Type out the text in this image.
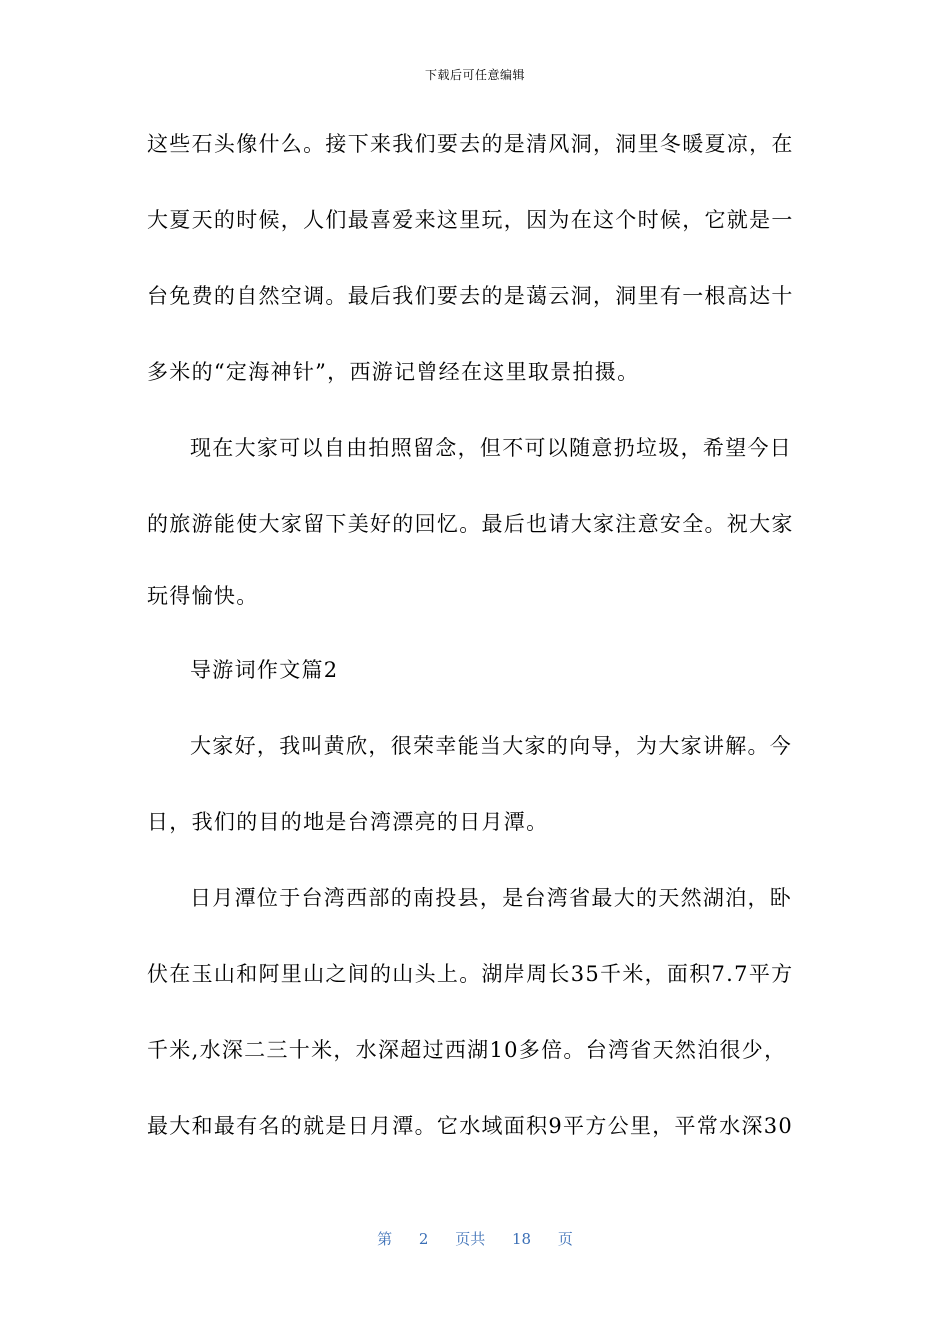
下载后可任意编辑
这些石头像什么。接下来我们要去的是清风洞，洞里冬暖夏凉，在
大夏天的时候，人们最喜爱来这里玩，因为在这个时候，它就是一
台免费的自然空调。最后我们要去的是蔼云洞，洞里有一根高达十
多米的“定海神针”，西游记曾经在这里取景拍摄。
现在大家可以自由拍照留念，但不可以随意扔垃圾，希望今日
的旅游能使大家留下美好的回忆。最后也请大家注意安全。祝大家
玩得愉快。
导游词作文篇2
大家好，我叫黄欣，很荣幸能当大家的向导，为大家讲解。今
日，我们的目的地是台湾漂亮的日月潭。
日月潭位于台湾西部的南投县，是台湾省最大的天然湖泊，卧
伏在玉山和阿里山之间的山头上。湖岸周长35千米，面积7.7平方
千米,水深二三十米，水深超过西湖10多倍。台湾省天然泊很少，
最大和最有名的就是日月潭。它水域面积9平方公里，平常水深30
第 2 页共 18 页
